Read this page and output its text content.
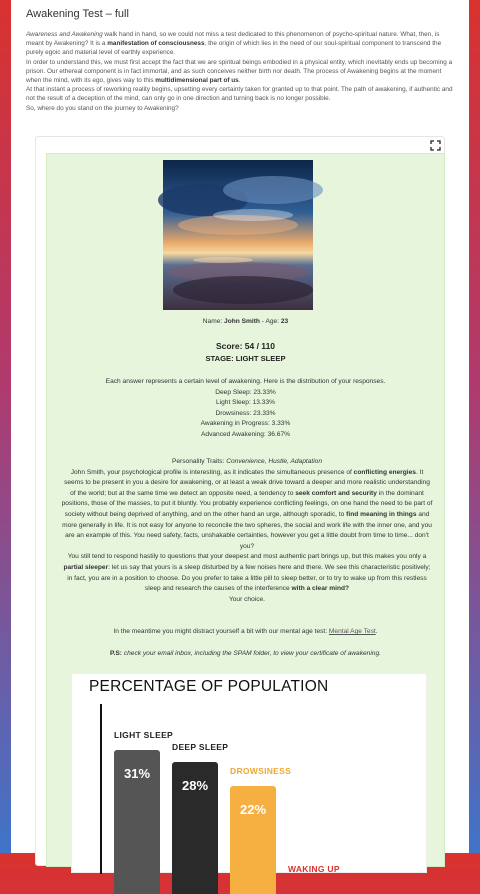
Awakening Test – full

Awareness and Awakening walk hand in hand, so we could not miss a test dedicated to this phenomenon of psycho-spiritual nature. What, then, is meant by Awakening? It is a manifestation of consciousness, the origin of which lies in the need of our soul-spiritual component to transcend the purely egoic and material level of earthly experience.

In order to understand this, we must first accept the fact that we are spiritual beings embodied in a physical entity, which inevitably ends up becoming a prison. Our ethereal component is in fact immortal, and as such conceives neither birth nor death. The process of Awakening begins at the moment when the mind, with its ego, gives way to this multidimensional part of us.

At that instant a process of reworking reality begins, upsetting every certainty taken for granted up to that point. The path of awakening, if authentic and not the result of a deception of the mind, can only go in one direction and turning back is no longer possible.

So, where do you stand on the journey to Awakening?

Name: John Smith - Age: 23
Score: 54 / 110
STAGE: LIGHT SLEEP
Each answer represents a certain level of awakening. Here is the distribution of your responses.
Deep Sleep: 23.33%
Light Sleep: 13.33%
Drowsiness: 23.33%
Awakening in Progress: 3.33%
Advanced Awakening: 36.67%
Personality Traits: Convenience, Hustle, Adaptation
John Smith, your psychological profile is interesting, as it indicates the simultaneous presence of conflicting energies. It seems to be present in you a desire for awakening, or at least a weak drive toward a deeper and more realistic understanding of the world; but at the same time we detect an opposite need, a tendency to seek comfort and security in the dominant positions, those of the masses, to put it bluntly. You probably experience conflicting feelings, on one hand the need to be part of society without being deprived of anything, and on the other hand an urge, although sporadic, to find meaning in things and more generally in life. It is not easy for anyone to reconcile the two spheres, the social and work life with the inner one, and you are an example of this. You need safety, facts, unshakable certainties, however you get a little doubt from time to time... don't you?
You still tend to respond hastily to questions that your deepest and most authentic part brings up, but this makes you only a partial sleeper: let us say that yours is a sleep disturbed by a few noises here and there. We see this characteristic positively; in fact, you are in a position to choose. Do you prefer to take a little pill to sleep better, or to try to wake up from this restless sleep and research the causes of the interference with a clear mind?
Your choice.
In the meantime you might distract yourself a bit with our mental age test: Mental Age Test.
P.S: check your email inbox, including the SPAM folder, to view your certificate of awakening.
PERCENTAGE OF POPULATION
LIGHT SLEEP
31%
DEEP SLEEP
28%
DROWSINESS
22%
WAKING UP
